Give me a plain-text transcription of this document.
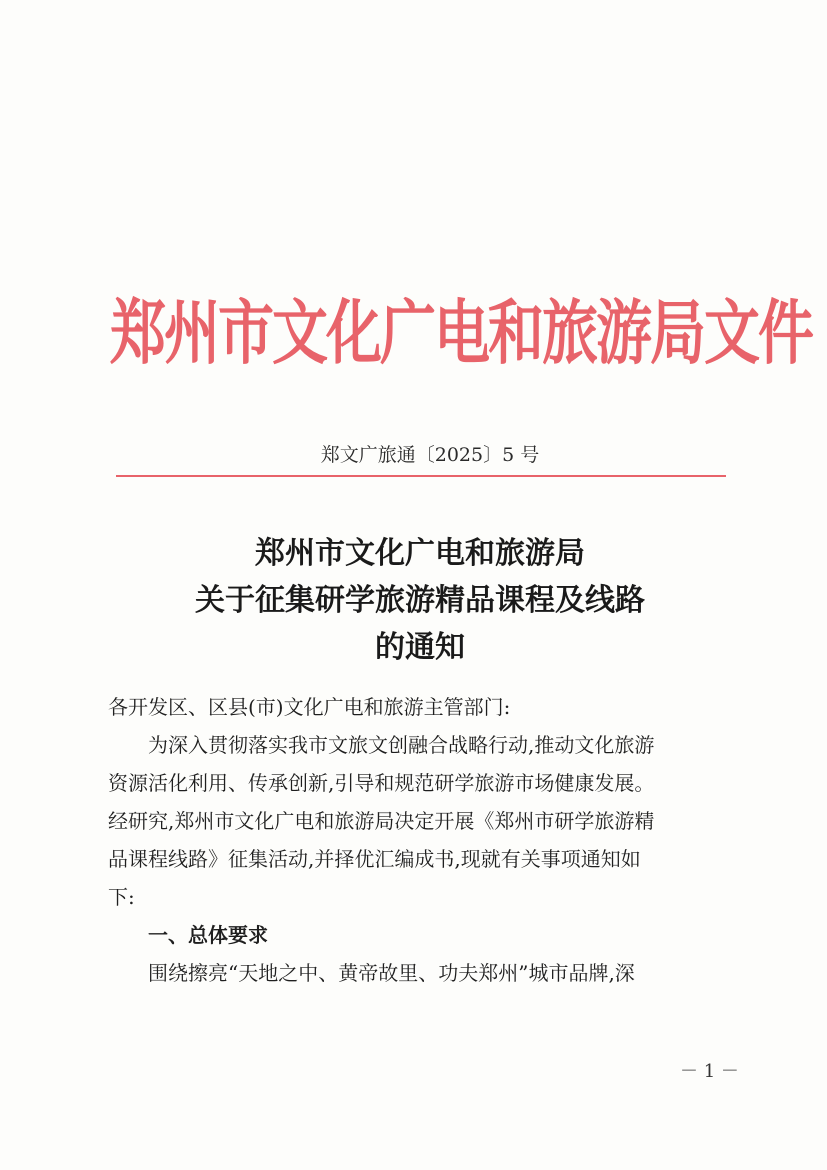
郑州市文化广电和旅游局文件
郑文广旅通〔2025〕5 号
郑州市文化广电和旅游局
关于征集研学旅游精品课程及线路
的通知
各开发区、区县(市)文化广电和旅游主管部门:
为深入贯彻落实我市文旅文创融合战略行动,推动文化旅游
资源活化利用、传承创新,引导和规范研学旅游市场健康发展。
经研究,郑州市文化广电和旅游局决定开展《郑州市研学旅游精
品课程线路》征集活动,并择优汇编成书,现就有关事项通知如
下:
一、总体要求
围绕擦亮“天地之中、黄帝故里、功夫郑州”城市品牌,深
－ 1 －
